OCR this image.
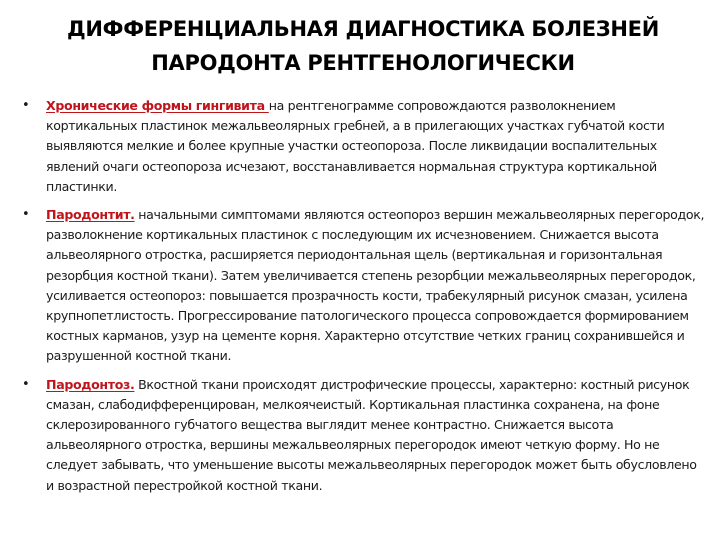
ДИФФЕРЕНЦИАЛЬНАЯ ДИАГНОСТИКА БОЛЕЗНЕЙ
ПАРОДОНТА РЕНТГЕНОЛОГИЧЕСКИ
• Хронические формы гингивита на рентгенограмме сопровождаются разволокнением кортикальных пластинок межальвеолярных гребней, а в прилегающих участках губчатой кости выявляются мелкие и более крупные участки остеопороза. После ликвидации воспалительных явлений очаги остеопороза исчезают, восстанавливается нормальная структура кортикальной пластинки.
• Пародонтит. начальными симптомами являются остеопороз вершин межальвеолярных перегородок, разволокнение кортикальных пластинок с последующим их исчезновением. Снижается высота альвеолярного отростка, расширяется периодонтальная щель (вертикальная и горизонтальная резорбция костной ткани). Затем увеличивается степень резорбции межальвеолярных перегородок, усиливается остеопороз: повышается прозрачность кости, трабекулярный рисунок смазан, усилена крупнопетлистость. Прогрессирование патологического процесса сопровождается формированием костных карманов, узур на цементе корня. Характерно отсутствие четких границ сохранившейся и разрушенной костной ткани.
• Пародонтоз. Вкостной ткани происходят дистрофические процессы, характерно: костный рисунок смазан, слабодифференцирован, мелкоячеистый. Кортикальная пластинка сохранена, на фоне склерозированного губчатого вещества выглядит менее контрастно. Снижается высота альвеолярного отростка, вершины межальвеолярных перегородок имеют четкую форму. Но не следует забывать, что уменьшение высоты межальвеолярных перегородок может быть обусловлено и возрастной перестройкой костной ткани.
